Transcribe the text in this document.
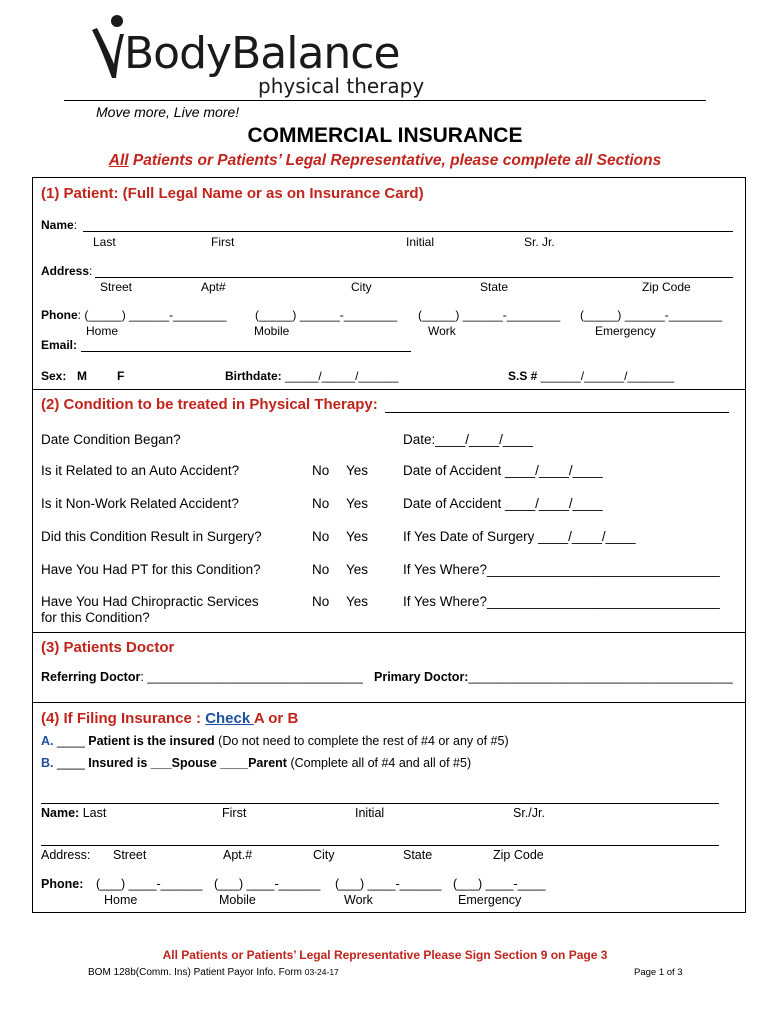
BodyBalance
physical therapy
Move more, Live more!
COMMERCIAL INSURANCE
All Patients or Patients’ Legal Representative, please complete all Sections
(1) Patient: (Full Legal Name or as on Insurance Card)
Name:
Last	First	Initial	Sr. Jr.
Address:
Street	Apt#	City	State	Zip Code
Phone: (_____) ______-________ (_____) ______-________ (_____) ______-________ (_____) ______-________
Home	Mobile	Work	Emergency
Email:
Sex: M	F	Birthdate: _____/_____/______	S.S # ______/______/_______
(2) Condition to be treated in Physical Therapy:
Date Condition Began?	Date:____/____/____
Is it Related to an Auto Accident?	No Yes	Date of Accident ____/____/____
Is it Non-Work Related Accident?	No Yes	Date of Accident ____/____/____
Did this Condition Result in Surgery?	No Yes	If Yes Date of Surgery ____/____/____
Have You Had PT for this Condition?	No Yes	If Yes Where?_______________________________
Have You Had Chiropractic Services
for this Condition?
No Yes	If Yes Where?_______________________________
(3) Patients Doctor
Referring Doctor: _______________________________ Primary Doctor:______________________________________
(4) If Filing Insurance : Check A or B
A. ____ Patient is the insured (Do not need to complete the rest of #4 or any of #5)
B. ____ Insured is ___Spouse ____Parent (Complete all of #4 and all of #5)
Name: Last	First	Initial	Sr./Jr.
Address: Street	Apt.#	City	State	Zip Code
Phone: (___) ____-______ (___) ____-______ (___) ____-______ (___) ____-____
Home	Mobile	Work	Emergency
All Patients or Patients’ Legal Representative Please Sign Section 9 on Page 3
BOM 128b(Comm. Ins) Patient Payor Info. Form 03-24-17	Page 1 of 3
